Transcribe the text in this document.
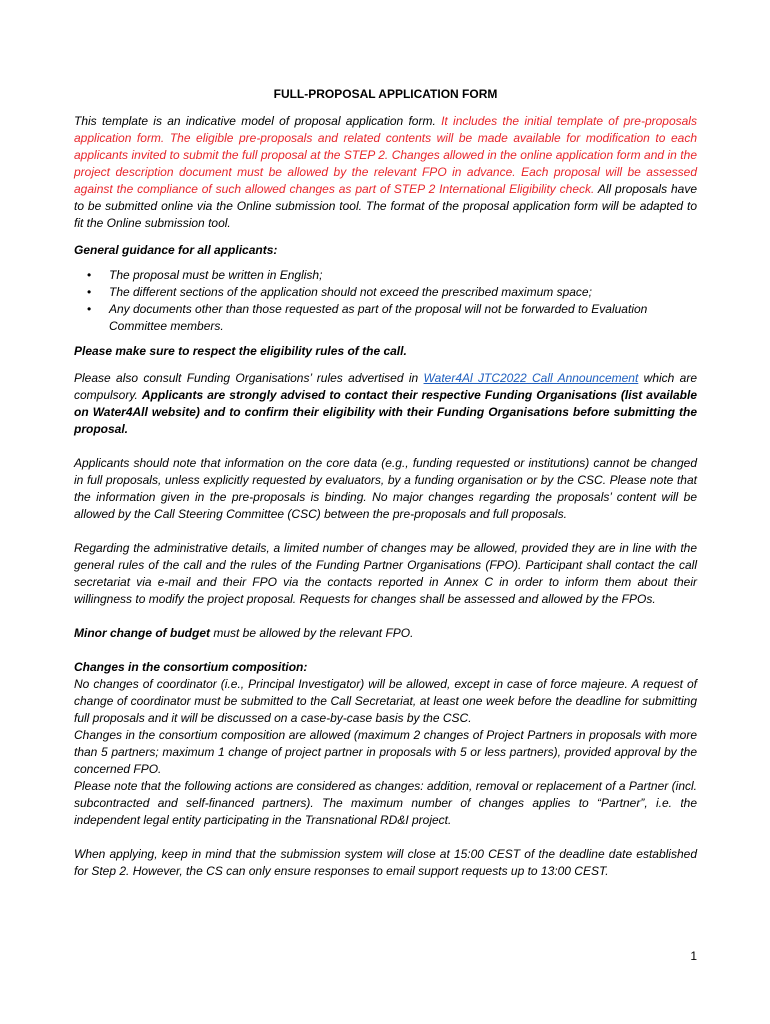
FULL-PROPOSAL APPLICATION FORM

This template is an indicative model of proposal application form. It includes the initial template of pre-proposals application form. The eligible pre-proposals and related contents will be made available for modification to each applicants invited to submit the full proposal at the STEP 2. Changes allowed in the online application form and in the project description document must be allowed by the relevant FPO in advance. Each proposal will be assessed against the compliance of such allowed changes as part of STEP 2 International Eligibility check. All proposals have to be submitted online via the Online submission tool. The format of the proposal application form will be adapted to fit the Online submission tool.

General guidance for all applicants:

• The proposal must be written in English;
• The different sections of the application should not exceed the prescribed maximum space;
• Any documents other than those requested as part of the proposal will not be forwarded to Evaluation Committee members.

Please make sure to respect the eligibility rules of the call.

Please also consult Funding Organisations’ rules advertised in Water4Al JTC2022 Call Announcement which are compulsory. Applicants are strongly advised to contact their respective Funding Organisations (list available on Water4All website) and to confirm their eligibility with their Funding Organisations before submitting the proposal.

Applicants should note that information on the core data (e.g., funding requested or institutions) cannot be changed in full proposals, unless explicitly requested by evaluators, by a funding organisation or by the CSC. Please note that the information given in the pre-proposals is binding. No major changes regarding the proposals’ content will be allowed by the Call Steering Committee (CSC) between the pre-proposals and full proposals.

Regarding the administrative details, a limited number of changes may be allowed, provided they are in line with the general rules of the call and the rules of the Funding Partner Organisations (FPO). Participant shall contact the call secretariat via e-mail and their FPO via the contacts reported in Annex C in order to inform them about their willingness to modify the project proposal. Requests for changes shall be assessed and allowed by the FPOs.

Minor change of budget must be allowed by the relevant FPO.

Changes in the consortium composition:

No changes of coordinator (i.e., Principal Investigator) will be allowed, except in case of force majeure. A request of change of coordinator must be submitted to the Call Secretariat, at least one week before the deadline for submitting full proposals and it will be discussed on a case-by-case basis by the CSC.

Changes in the consortium composition are allowed (maximum 2 changes of Project Partners in proposals with more than 5 partners; maximum 1 change of project partner in proposals with 5 or less partners), provided approval by the concerned FPO.

Please note that the following actions are considered as changes: addition, removal or replacement of a Partner (incl. subcontracted and self-financed partners). The maximum number of changes applies to “Partner”, i.e. the independent legal entity participating in the Transnational RD&I project.

When applying, keep in mind that the submission system will close at 15:00 CEST of the deadline date established for Step 2. However, the CS can only ensure responses to email support requests up to 13:00 CEST.

1
